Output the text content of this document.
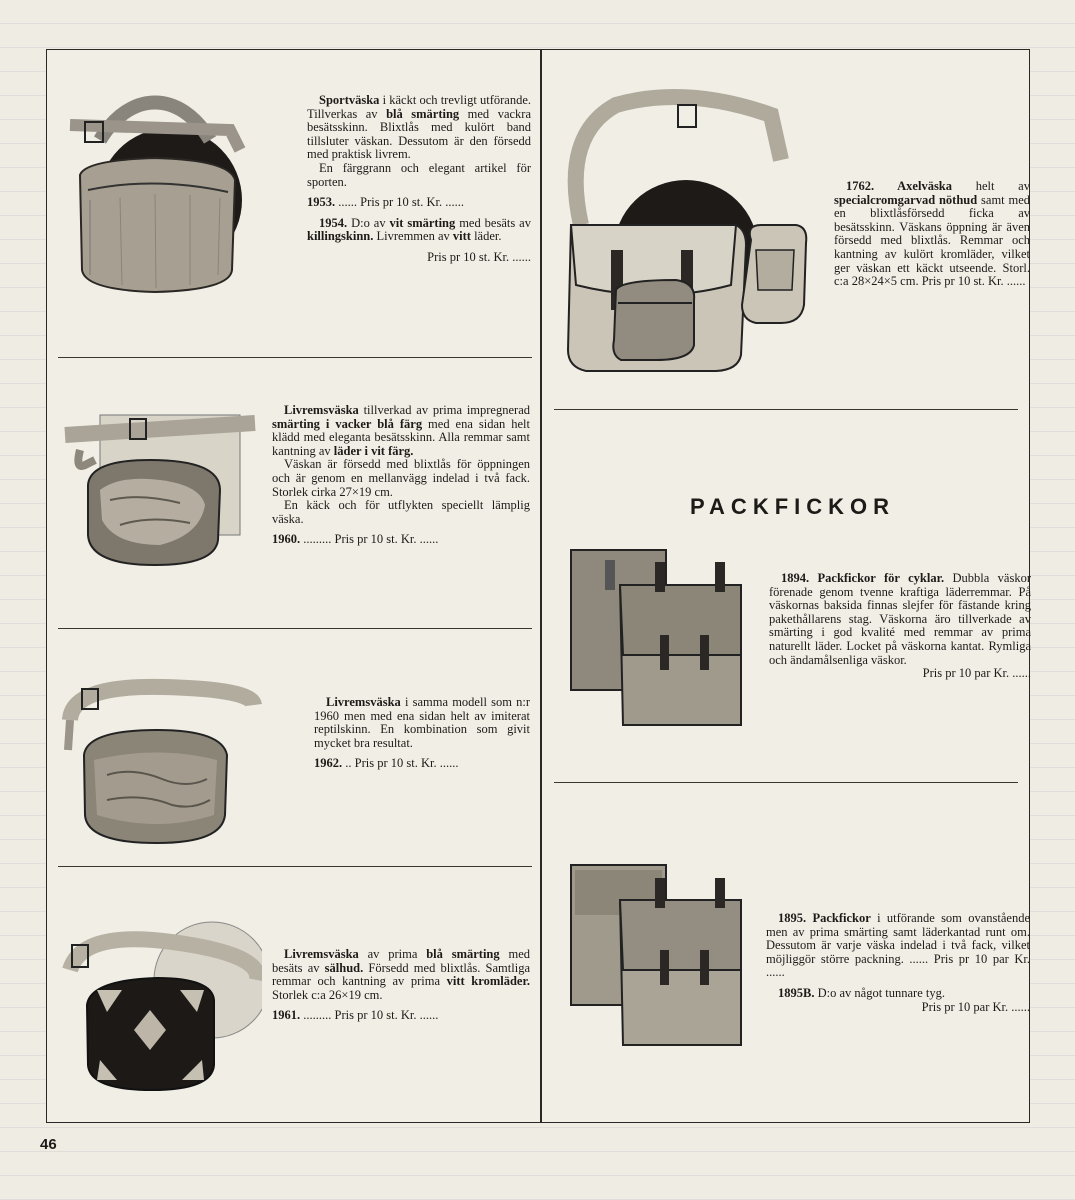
Sportväska i käckt och trevligt utförande. Tillverkas av blå smärting med vackra besätsskinn. Blixtlås med kulört band tillsluter väskan. Dessutom är den försedd med praktisk livrem.

En färggrann och elegant artikel för sporten.

1953. ...... Pris pr 10 st. Kr. ......

1954. D:o av vit smärting med besäts av killingskinn. Livremmen av vitt läder.

Pris pr 10 st. Kr. ......

Livremsväska tillverkad av prima impregnerad smärting i vacker blå färg med ena sidan helt klädd med eleganta besätsskinn. Alla remmar samt kantning av läder i vit färg.

Väskan är försedd med blixtlås för öppningen och är genom en mellanvägg indelad i två fack. Storlek cirka 27×19 cm.

En käck och för utflykten speciellt lämplig väska.

1960. ......... Pris pr 10 st. Kr. ......

Livremsväska i samma modell som n:r 1960 men med ena sidan helt av imiterat reptilskinn. En kombination som givit mycket bra resultat.

1962. .. Pris pr 10 st. Kr. ......

Livremsväska av prima blå smärting med besäts av sälhud. Försedd med blixtlås. Samtliga remmar och kantning av prima vitt kromläder. Storlek c:a 26×19 cm.

1961. ......... Pris pr 10 st. Kr. ......

1762. Axelväska helt av specialcromgarvad nöthud samt med en blixtlåsförsedd ficka av besätsskinn. Väskans öppning är även försedd med blixtlås. Remmar och kantning av kulört kromläder, vilket ger väskan ett käckt utseende. Storl. c:a 28×24×5 cm. Pris pr 10 st. Kr. ......

PACKFICKOR

1894. Packfickor för cyklar. Dubbla väskor förenade genom tvenne kraftiga läderremmar. På väskornas baksida finnas slejfer för fästande kring pakethållarens stag. Väskorna äro tillverkade av smärting i god kvalité med remmar av prima naturellt läder. Locket på väskorna kantat. Rymliga och ändamålsenliga väskor.

Pris pr 10 par Kr. ......

1895. Packfickor i utförande som ovanstående men av prima smärting samt läderkantad runt om. Dessutom är varje väska indelad i två fack, vilket möjliggör större packning. ...... Pris pr 10 par Kr. ......

1895B. D:o av något tunnare tyg.

Pris pr 10 par Kr. ......

46
